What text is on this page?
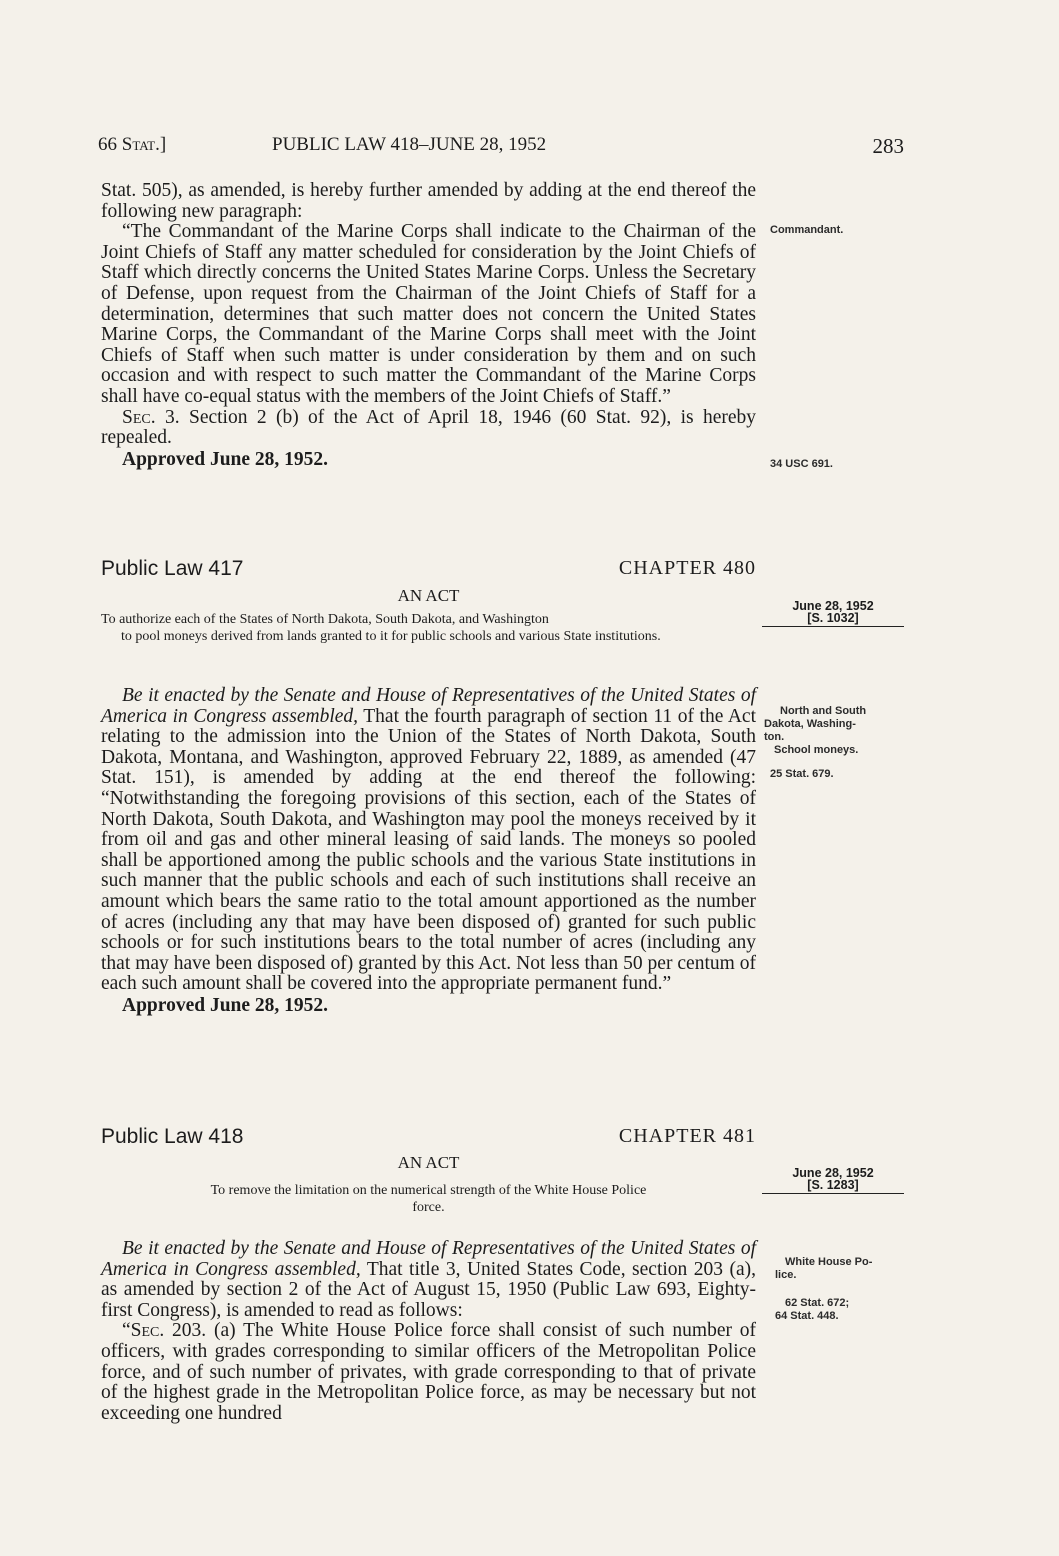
66 Stat.]	PUBLIC LAW 418–JUNE 28, 1952	283

Stat. 505), as amended, is hereby further amended by adding at the end thereof the following new paragraph:

“The Commandant of the Marine Corps shall indicate to the Chairman of the Joint Chiefs of Staff any matter scheduled for consideration by the Joint Chiefs of Staff which directly concerns the United States Marine Corps. Unless the Secretary of Defense, upon request from the Chairman of the Joint Chiefs of Staff for a determination, determines that such matter does not concern the United States Marine Corps, the Commandant of the Marine Corps shall meet with the Joint Chiefs of Staff when such matter is under consideration by them and on such occasion and with respect to such matter the Commandant of the Marine Corps shall have co-equal status with the members of the Joint Chiefs of Staff.”

Sec. 3. Section 2 (b) of the Act of April 18, 1946 (60 Stat. 92), is hereby repealed.

Approved June 28, 1952.

Public Law 417	CHAPTER 480
AN ACT
To authorize each of the States of North Dakota, South Dakota, and Washington
to pool moneys derived from lands granted to it for public schools and various State institutions.

Be it enacted by the Senate and House of Representatives of the United States of America in Congress assembled, That the fourth paragraph of section 11 of the Act relating to the admission into the Union of the States of North Dakota, South Dakota, Montana, and Washington, approved February 22, 1889, as amended (47 Stat. 151), is amended by adding at the end thereof the following: “Notwithstanding the foregoing provisions of this section, each of the States of North Dakota, South Dakota, and Washington may pool the moneys received by it from oil and gas and other mineral leasing of said lands. The moneys so pooled shall be apportioned among the public schools and the various State institutions in such manner that the public schools and each of such institutions shall receive an amount which bears the same ratio to the total amount apportioned as the number of acres (including any that may have been disposed of) granted for such public schools or for such institutions bears to the total number of acres (including any that may have been disposed of) granted by this Act. Not less than 50 per centum of each such amount shall be covered into the appropriate permanent fund.”

Approved June 28, 1952.

Public Law 418	CHAPTER 481
AN ACT
To remove the limitation on the numerical strength of the White House Police
force.

Be it enacted by the Senate and House of Representatives of the United States of America in Congress assembled, That title 3, United States Code, section 203 (a), as amended by section 2 of the Act of August 15, 1950 (Public Law 693, Eighty-first Congress), is amended to read as follows:

“Sec. 203. (a) The White House Police force shall consist of such number of officers, with grades corresponding to similar officers of the Metropolitan Police force, and of such number of privates, with grade corresponding to that of private of the highest grade in the Metropolitan Police force, as may be necessary but not exceeding one hundred

Commandant.
34 USC 691.
June 28, 1952
[S. 1032]
North and South
Dakota, Washing-
ton.
School moneys.
25 Stat. 679.
June 28, 1952
[S. 1283]
White House Po-
lice.
62 Stat. 672;
64 Stat. 448.
